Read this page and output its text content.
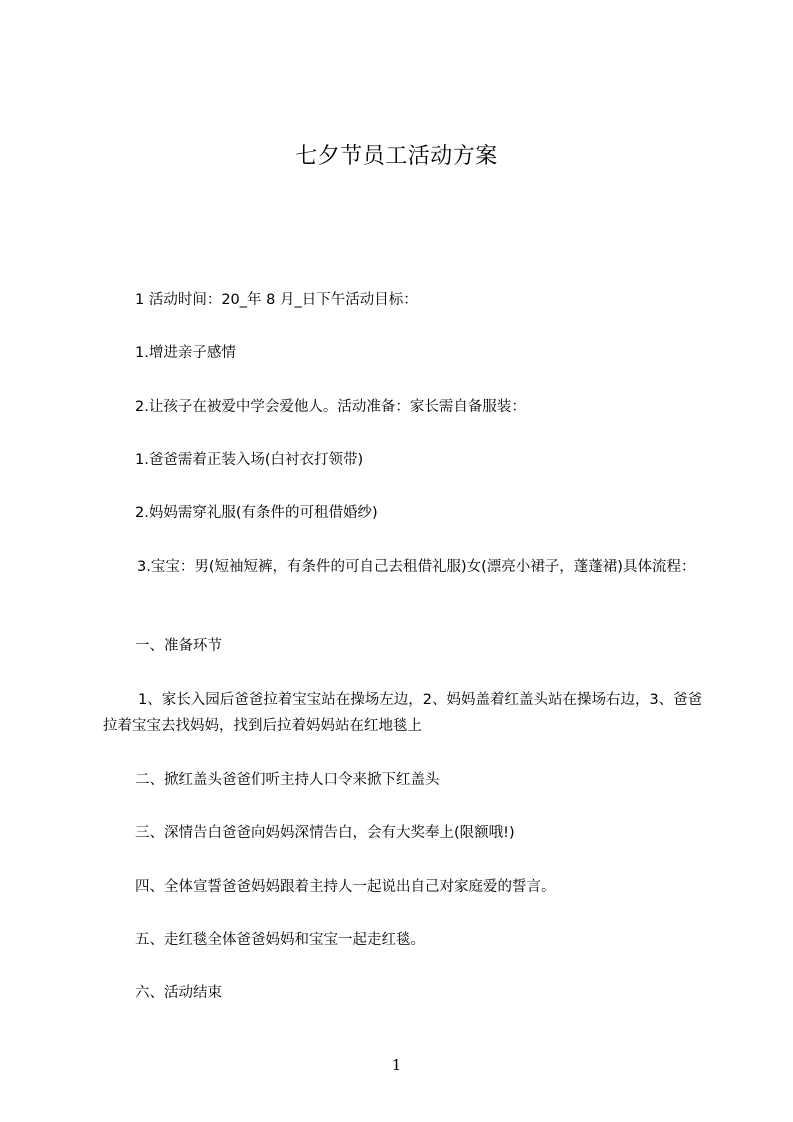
七夕节员工活动方案
1 活动时间：20_年 8 月_日下午活动目标：
1.增进亲子感情
2.让孩子在被爱中学会爱他人。活动准备：家长需自备服装：
1.爸爸需着正装入场(白衬衣打领带)
2.妈妈需穿礼服(有条件的可租借婚纱)
3.宝宝：男(短袖短裤，有条件的可自己去租借礼服)女(漂亮小裙子，蓬蓬裙)具体流程：
一、准备环节
1、家长入园后爸爸拉着宝宝站在操场左边，2、妈妈盖着红盖头站在操场右边，3、爸爸拉着宝宝去找妈妈，找到后拉着妈妈站在红地毯上
二、掀红盖头爸爸们听主持人口令来掀下红盖头
三、深情告白爸爸向妈妈深情告白，会有大奖奉上(限额哦!)
四、全体宣誓爸爸妈妈跟着主持人一起说出自己对家庭爱的誓言。
五、走红毯全体爸爸妈妈和宝宝一起走红毯。
六、活动结束
1
